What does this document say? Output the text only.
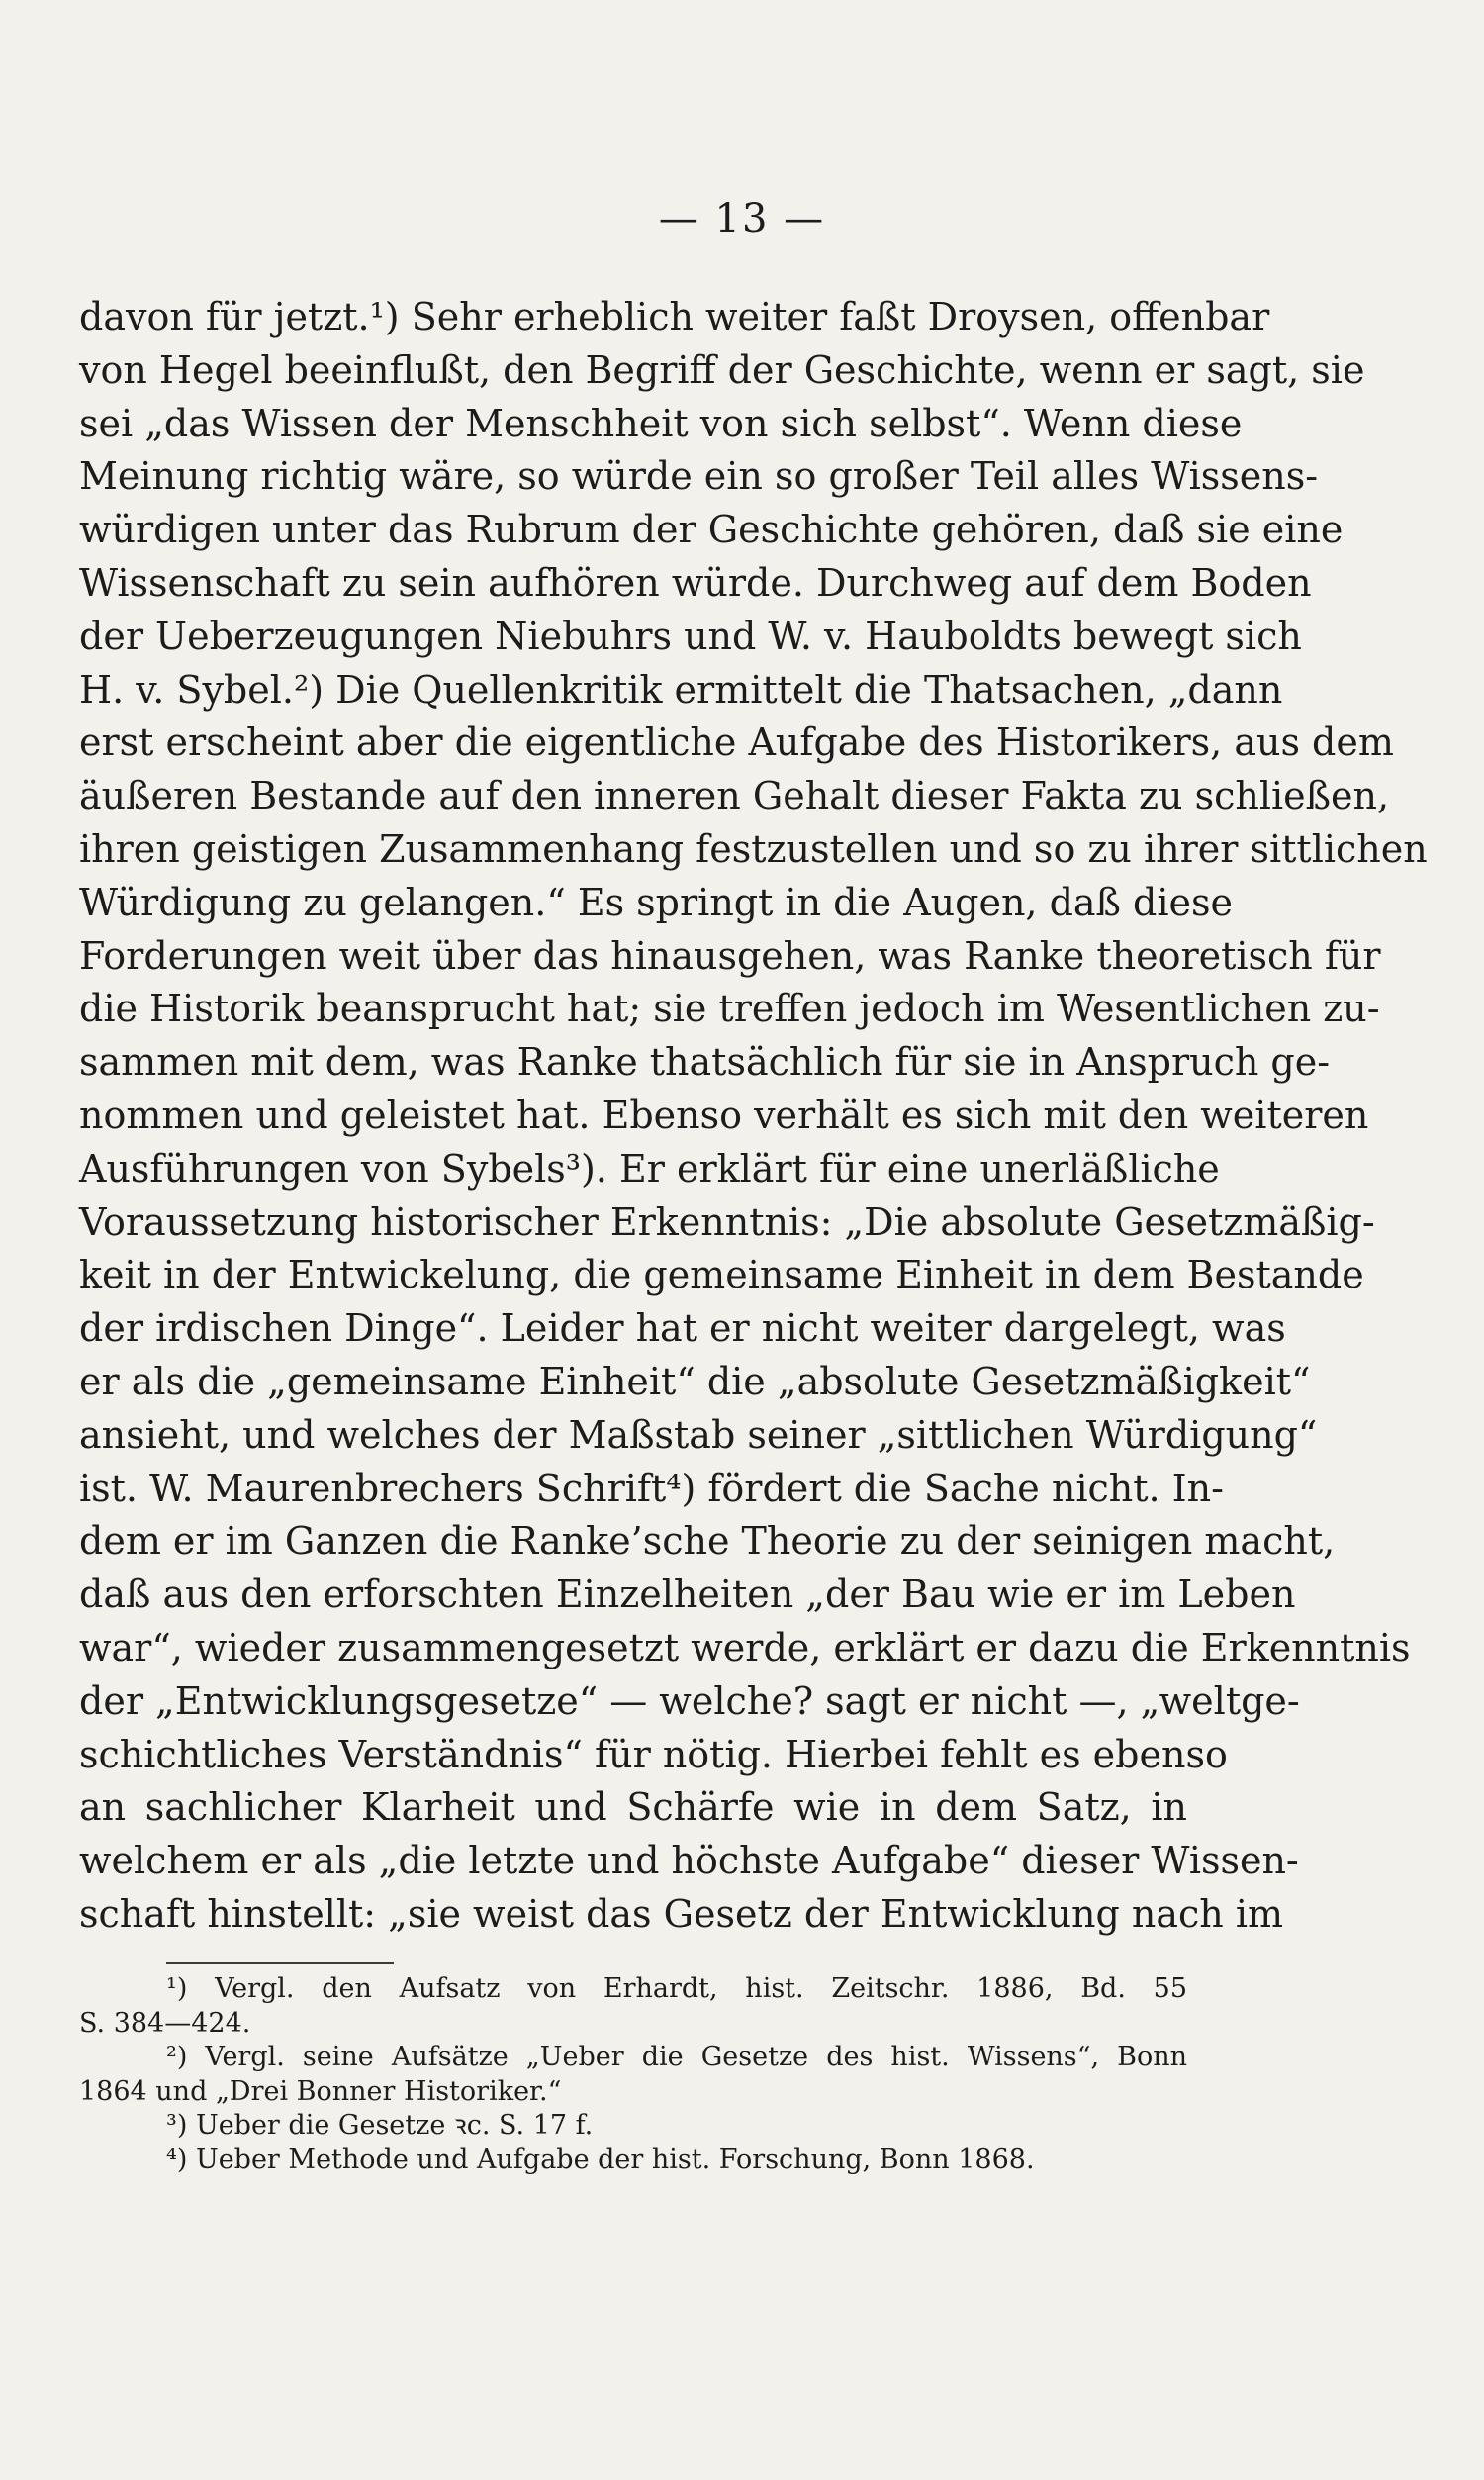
— 13 —
davon für jetzt.¹) Sehr erheblich weiter faßt Droysen, offenbar
von Hegel beeinflußt, den Begriff der Geschichte, wenn er sagt, sie
sei „das Wissen der Menschheit von sich selbst“. Wenn diese
Meinung richtig wäre, so würde ein so großer Teil alles Wissens-
würdigen unter das Rubrum der Geschichte gehören, daß sie eine
Wissenschaft zu sein aufhören würde. Durchweg auf dem Boden
der Ueberzeugungen Niebuhrs und W. v. Hauboldts bewegt sich
H. v. Sybel.²) Die Quellenkritik ermittelt die Thatsachen, „dann
erst erscheint aber die eigentliche Aufgabe des Historikers, aus dem
äußeren Bestande auf den inneren Gehalt dieser Fakta zu schließen,
ihren geistigen Zusammenhang festzustellen und so zu ihrer sittlichen
Würdigung zu gelangen.“ Es springt in die Augen, daß diese
Forderungen weit über das hinausgehen, was Ranke theoretisch für
die Historik beansprucht hat; sie treffen jedoch im Wesentlichen zu-
sammen mit dem, was Ranke thatsächlich für sie in Anspruch ge-
nommen und geleistet hat. Ebenso verhält es sich mit den weiteren
Ausführungen von Sybels³). Er erklärt für eine unerläßliche
Voraussetzung historischer Erkenntnis: „Die absolute Gesetzmäßig-
keit in der Entwickelung, die gemeinsame Einheit in dem Bestande
der irdischen Dinge“. Leider hat er nicht weiter dargelegt, was
er als die „gemeinsame Einheit“ die „absolute Gesetzmäßigkeit“
ansieht, und welches der Maßstab seiner „sittlichen Würdigung“
ist. W. Maurenbrechers Schrift⁴) fördert die Sache nicht. In-
dem er im Ganzen die Ranke’sche Theorie zu der seinigen macht,
daß aus den erforschten Einzelheiten „der Bau wie er im Leben
war“, wieder zusammengesetzt werde, erklärt er dazu die Erkenntnis
der „Entwicklungsgesetze“ — welche? sagt er nicht —, „weltge-
schichtliches Verständnis“ für nötig. Hierbei fehlt es ebenso
an sachlicher Klarheit und Schärfe wie in dem Satz, in
welchem er als „die letzte und höchste Aufgabe“ dieser Wissen-
schaft hinstellt: „sie weist das Gesetz der Entwicklung nach im
¹) Vergl. den Aufsatz von Erhardt, hist. Zeitschr. 1886, Bd. 55
S. 384—424.
²) Vergl. seine Aufsätze „Ueber die Gesetze des hist. Wissens“, Bonn
1864 und „Drei Bonner Historiker.“
³) Ueber die Gesetze ꝛc. S. 17 f.
⁴) Ueber Methode und Aufgabe der hist. Forschung, Bonn 1868.
